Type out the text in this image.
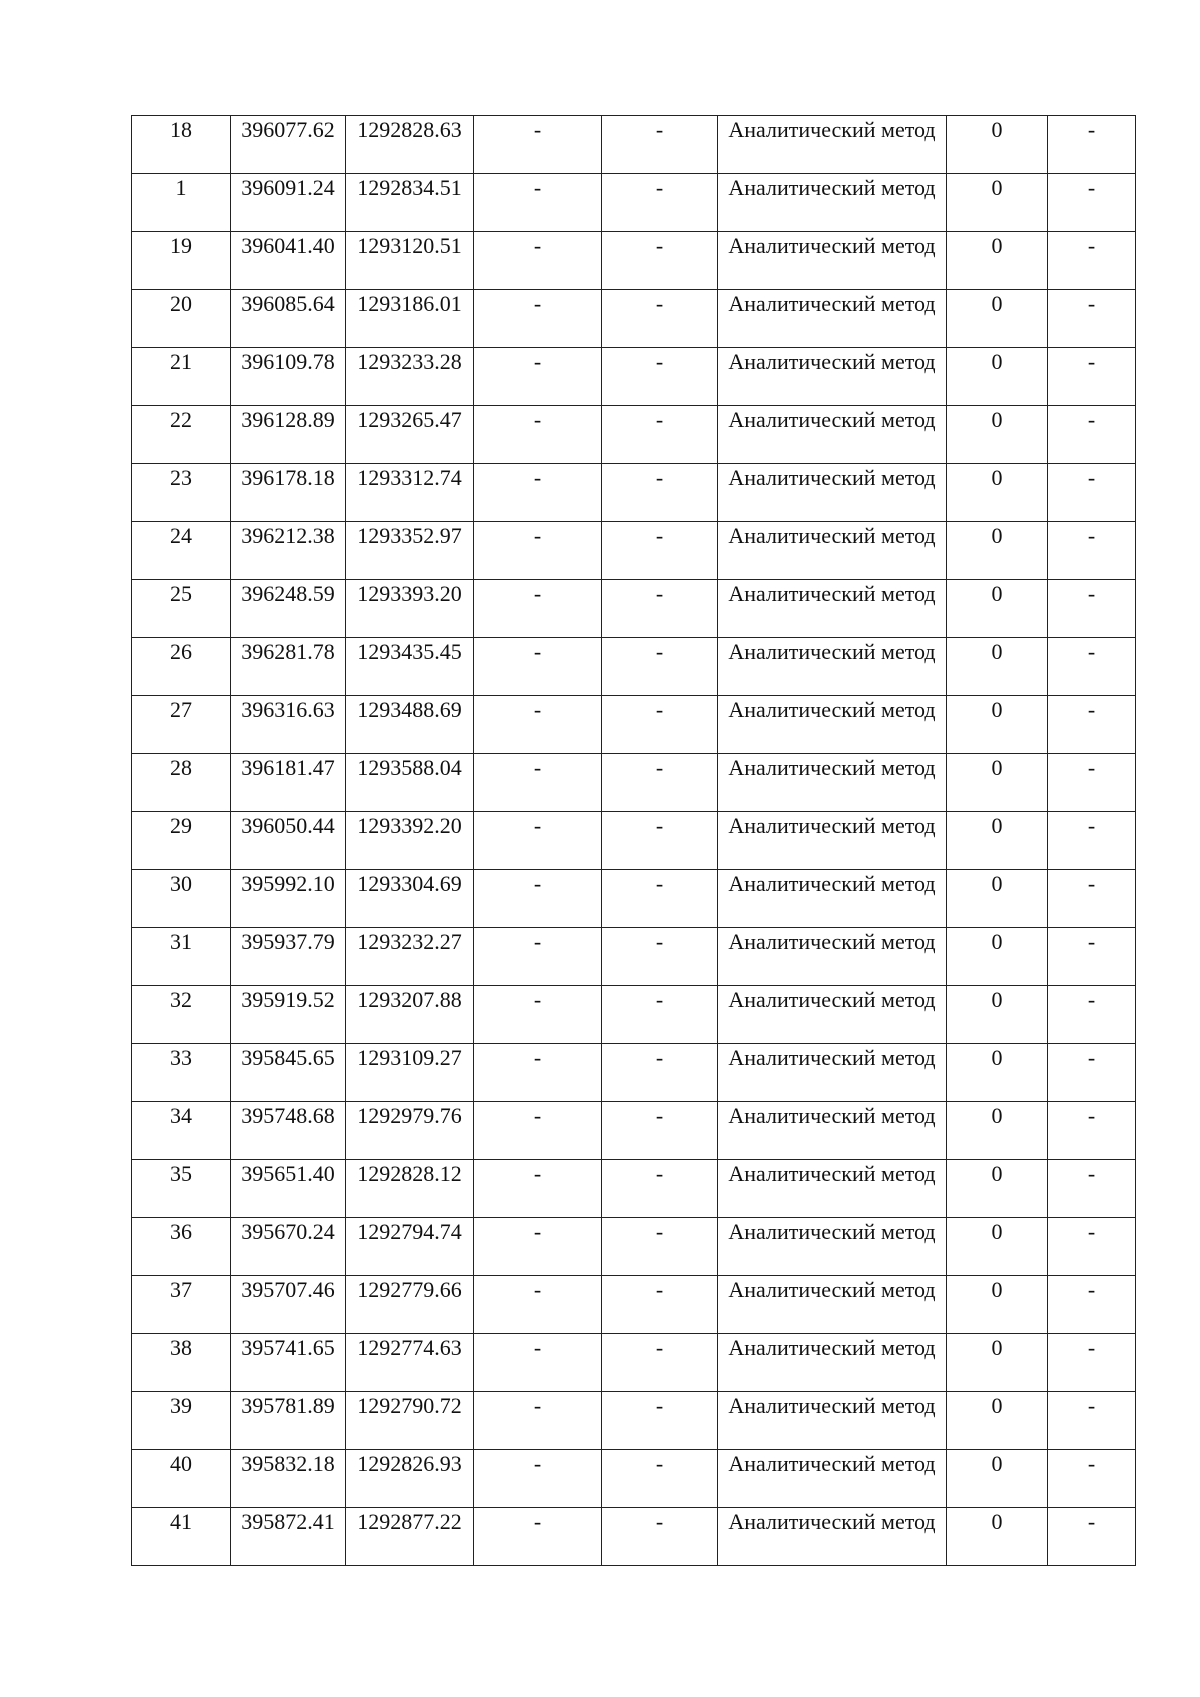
18	396077.62	1292828.63	-	-	Аналитический метод	0	-
1	396091.24	1292834.51	-	-	Аналитический метод	0	-
19	396041.40	1293120.51	-	-	Аналитический метод	0	-
20	396085.64	1293186.01	-	-	Аналитический метод	0	-
21	396109.78	1293233.28	-	-	Аналитический метод	0	-
22	396128.89	1293265.47	-	-	Аналитический метод	0	-
23	396178.18	1293312.74	-	-	Аналитический метод	0	-
24	396212.38	1293352.97	-	-	Аналитический метод	0	-
25	396248.59	1293393.20	-	-	Аналитический метод	0	-
26	396281.78	1293435.45	-	-	Аналитический метод	0	-
27	396316.63	1293488.69	-	-	Аналитический метод	0	-
28	396181.47	1293588.04	-	-	Аналитический метод	0	-
29	396050.44	1293392.20	-	-	Аналитический метод	0	-
30	395992.10	1293304.69	-	-	Аналитический метод	0	-
31	395937.79	1293232.27	-	-	Аналитический метод	0	-
32	395919.52	1293207.88	-	-	Аналитический метод	0	-
33	395845.65	1293109.27	-	-	Аналитический метод	0	-
34	395748.68	1292979.76	-	-	Аналитический метод	0	-
35	395651.40	1292828.12	-	-	Аналитический метод	0	-
36	395670.24	1292794.74	-	-	Аналитический метод	0	-
37	395707.46	1292779.66	-	-	Аналитический метод	0	-
38	395741.65	1292774.63	-	-	Аналитический метод	0	-
39	395781.89	1292790.72	-	-	Аналитический метод	0	-
40	395832.18	1292826.93	-	-	Аналитический метод	0	-
41	395872.41	1292877.22	-	-	Аналитический метод	0	-
